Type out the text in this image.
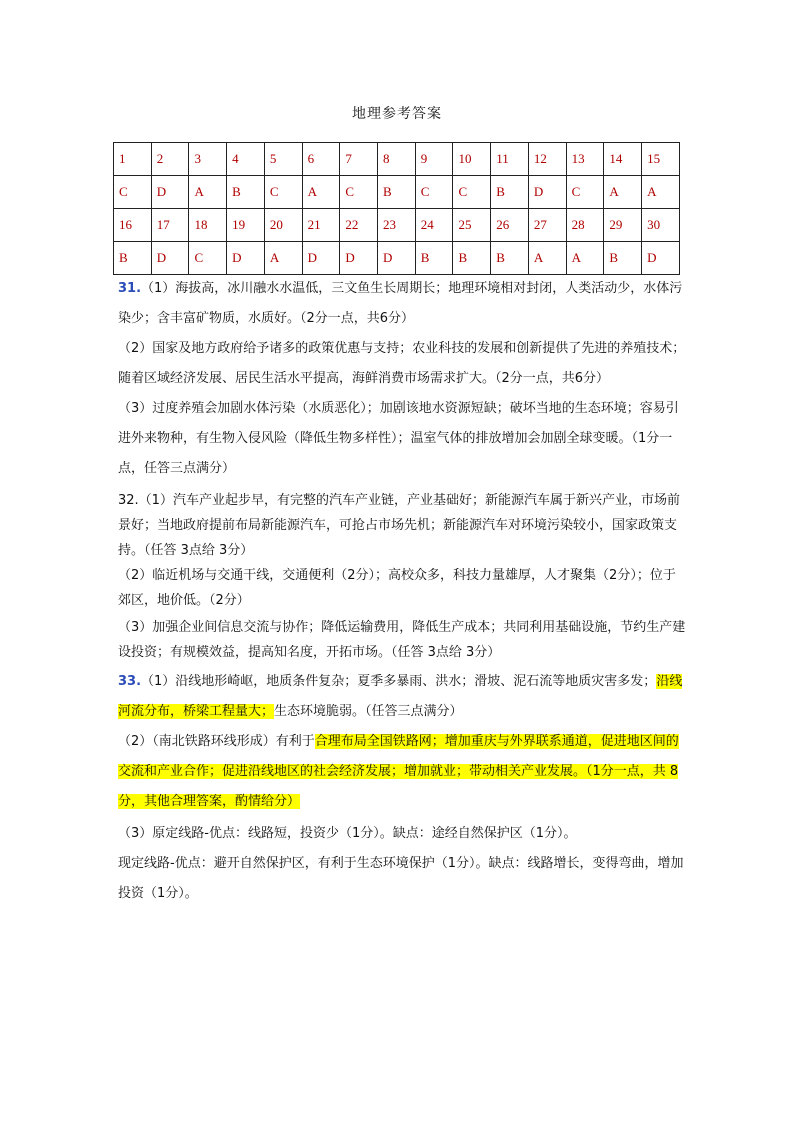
地理参考答案
1	2	3	4	5	6	7	8	9	10	11	12	13	14	15
C	D	A	B	C	A	C	B	C	C	B	D	C	A	A
16	17	18	19	20	21	22	23	24	25	26	27	28	29	30
B	D	C	D	A	D	D	D	B	B	B	A	A	B	D

31.（1）海拔高，冰川融水水温低，三文鱼生长周期长；地理环境相对封闭，人类活动少，水体污染少；含丰富矿物质，水质好。（2分一点，共6分）

（2）国家及地方政府给予诸多的政策优惠与支持；农业科技的发展和创新提供了先进的养殖技术；随着区域经济发展、居民生活水平提高，海鲜消费市场需求扩大。（2分一点，共6分）

（3）过度养殖会加剧水体污染（水质恶化）；加剧该地水资源短缺；破坏当地的生态环境；容易引进外来物种，有生物入侵风险（降低生物多样性）；温室气体的排放增加会加剧全球变暖。（1分一点，任答三点满分）

32.（1）汽车产业起步早，有完整的汽车产业链，产业基础好；新能源汽车属于新兴产业，市场前景好；当地政府提前布局新能源汽车，可抢占市场先机；新能源汽车对环境污染较小，国家政策支持。（任答 3点给 3分）

（2）临近机场与交通干线，交通便利（2分）；高校众多，科技力量雄厚，人才聚集（2分）；位于郊区，地价低。（2分）

（3）加强企业间信息交流与协作；降低运输费用，降低生产成本；共同利用基础设施，节约生产建设投资；有规模效益，提高知名度，开拓市场。（任答 3点给 3分）

33.（1）沿线地形崎岖，地质条件复杂；夏季多暴雨、洪水；滑坡、泥石流等地质灾害多发；沿线河流分布，桥梁工程量大；生态环境脆弱。（任答三点满分）

（2）（南北铁路环线形成）有利于合理布局全国铁路网；增加重庆与外界联系通道，促进地区间的交流和产业合作；促进沿线地区的社会经济发展；增加就业；带动相关产业发展。（1分一点，共 8分，其他合理答案，酌情给分）

（3）原定线路-优点：线路短，投资少（1分）。缺点：途经自然保护区（1分）。

现定线路-优点：避开自然保护区，有利于生态环境保护（1分）。缺点：线路增长，变得弯曲，增加投资（1分）。
